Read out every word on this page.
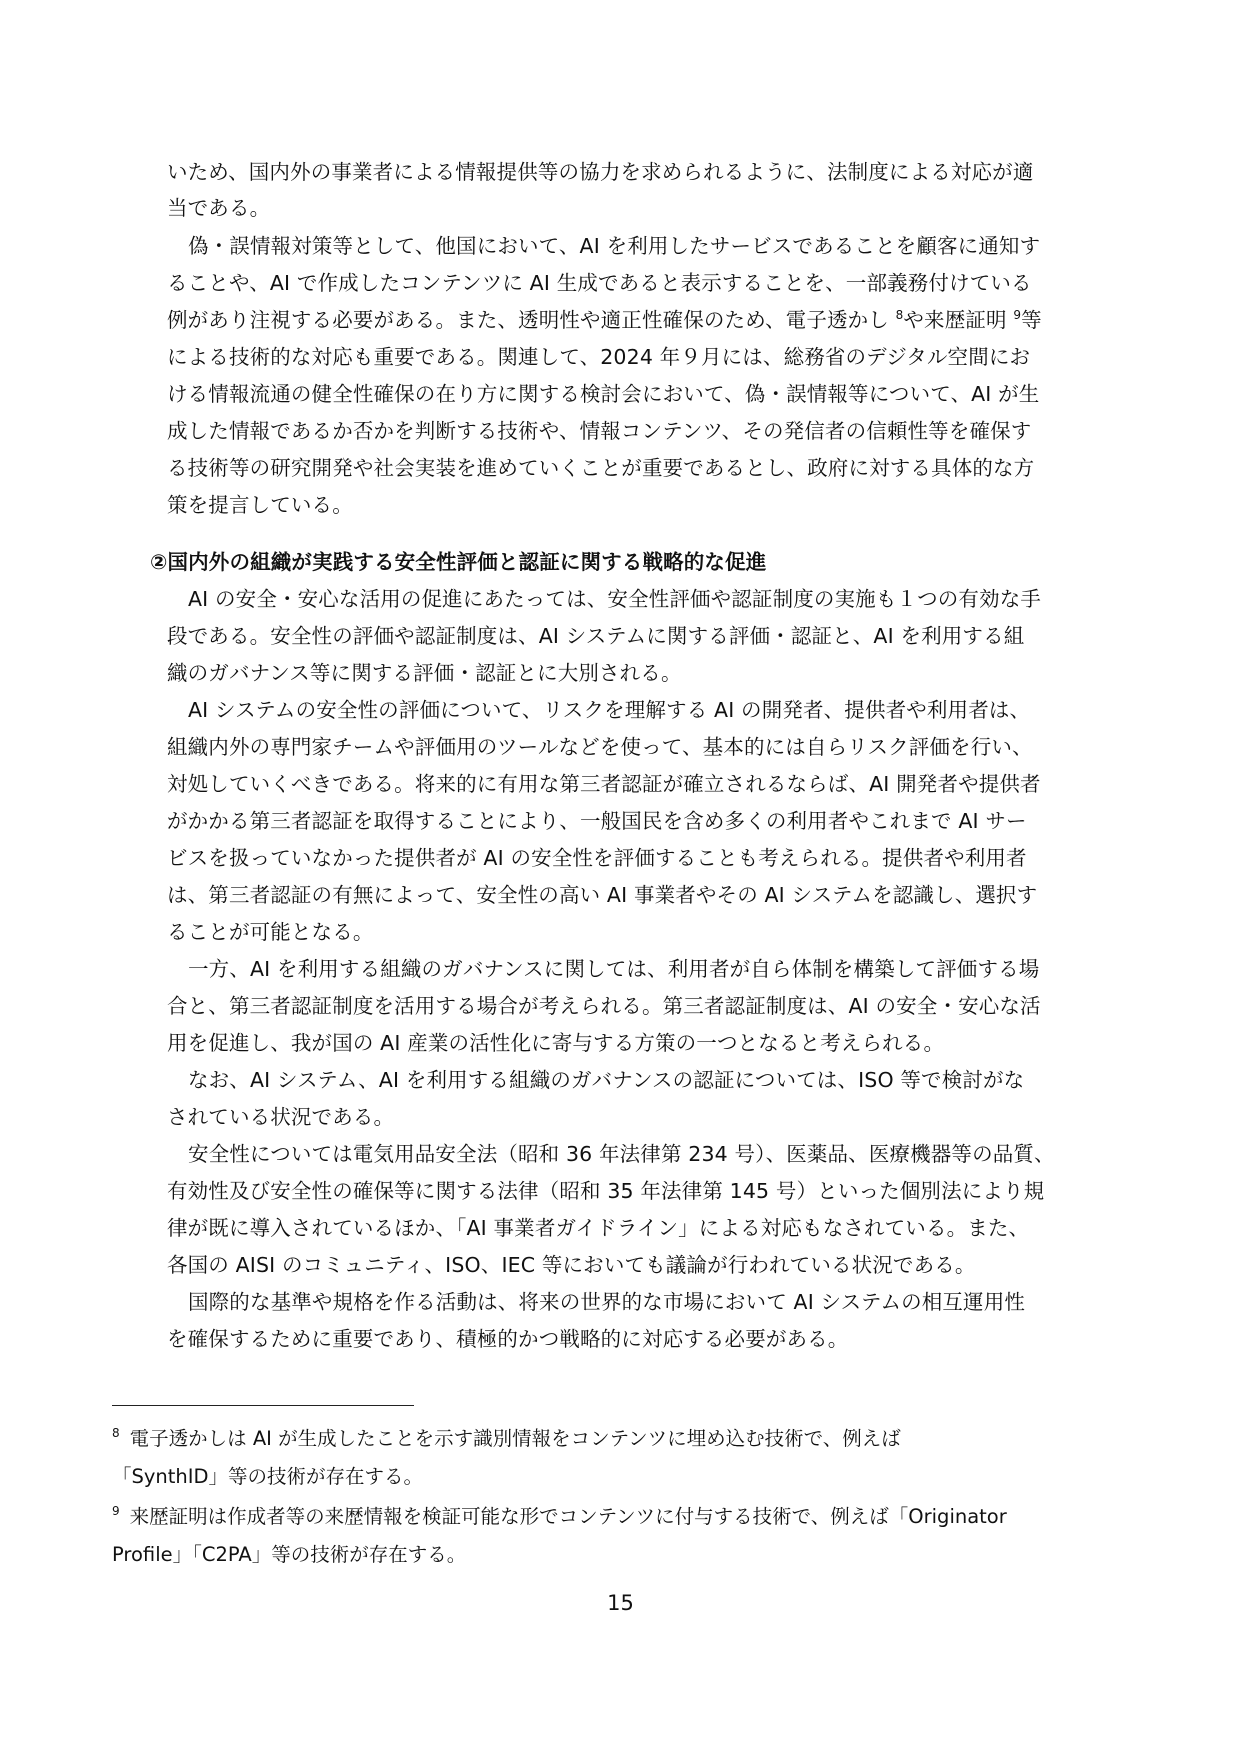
いため、国内外の事業者による情報提供等の協力を求められるように、法制度による対応が適
当である。
偽・誤情報対策等として、他国において、AI を利用したサービスであることを顧客に通知す
ることや、AI で作成したコンテンツに AI 生成であると表示することを、一部義務付けている
例があり注視する必要がある。また、透明性や適正性確保のため、電子透かし $^8$や来歴証明 $^9$等
による技術的な対応も重要である。関連して、2024 年９月には、総務省のデジタル空間にお
ける情報流通の健全性確保の在り方に関する検討会において、偽・誤情報等について、AI が生
成した情報であるか否かを判断する技術や、情報コンテンツ、その発信者の信頼性等を確保す
る技術等の研究開発や社会実装を進めていくことが重要であるとし、政府に対する具体的な方
策を提言している。
②国内外の組織が実践する安全性評価と認証に関する戦略的な促進
AI の安全・安心な活用の促進にあたっては、安全性評価や認証制度の実施も１つの有効な手
段である。安全性の評価や認証制度は、AI システムに関する評価・認証と、AI を利用する組
織のガバナンス等に関する評価・認証とに大別される。
AI システムの安全性の評価について、リスクを理解する AI の開発者、提供者や利用者は、
組織内外の専門家チームや評価用のツールなどを使って、基本的には自らリスク評価を行い、
対処していくべきである。将来的に有用な第三者認証が確立されるならば、AI 開発者や提供者
がかかる第三者認証を取得することにより、一般国民を含め多くの利用者やこれまで AI サー
ビスを扱っていなかった提供者が AI の安全性を評価することも考えられる。提供者や利用者
は、第三者認証の有無によって、安全性の高い AI 事業者やその AI システムを認識し、選択す
ることが可能となる。
一方、AI を利用する組織のガバナンスに関しては、利用者が自ら体制を構築して評価する場
合と、第三者認証制度を活用する場合が考えられる。第三者認証制度は、AI の安全・安心な活
用を促進し、我が国の AI 産業の活性化に寄与する方策の一つとなると考えられる。
なお、AI システム、AI を利用する組織のガバナンスの認証については、ISO 等で検討がな
されている状況である。
安全性については電気用品安全法（昭和 36 年法律第 234 号）、医薬品、医療機器等の品質、
有効性及び安全性の確保等に関する法律（昭和 35 年法律第 145 号）といった個別法により規
律が既に導入されているほか、「AI 事業者ガイドライン」による対応もなされている。また、
各国の AISI のコミュニティ、ISO、IEC 等においても議論が行われている状況である。
国際的な基準や規格を作る活動は、将来の世界的な市場において AI システムの相互運用性
を確保するために重要であり、積極的かつ戦略的に対応する必要がある。
$^8$ 電子透かしは AI が生成したことを示す識別情報をコンテンツに埋め込む技術で、例えば
「SynthID」等の技術が存在する。
$^9$ 来歴証明は作成者等の来歴情報を検証可能な形でコンテンツに付与する技術で、例えば「Originator
Profile」「C2PA」等の技術が存在する。
15
